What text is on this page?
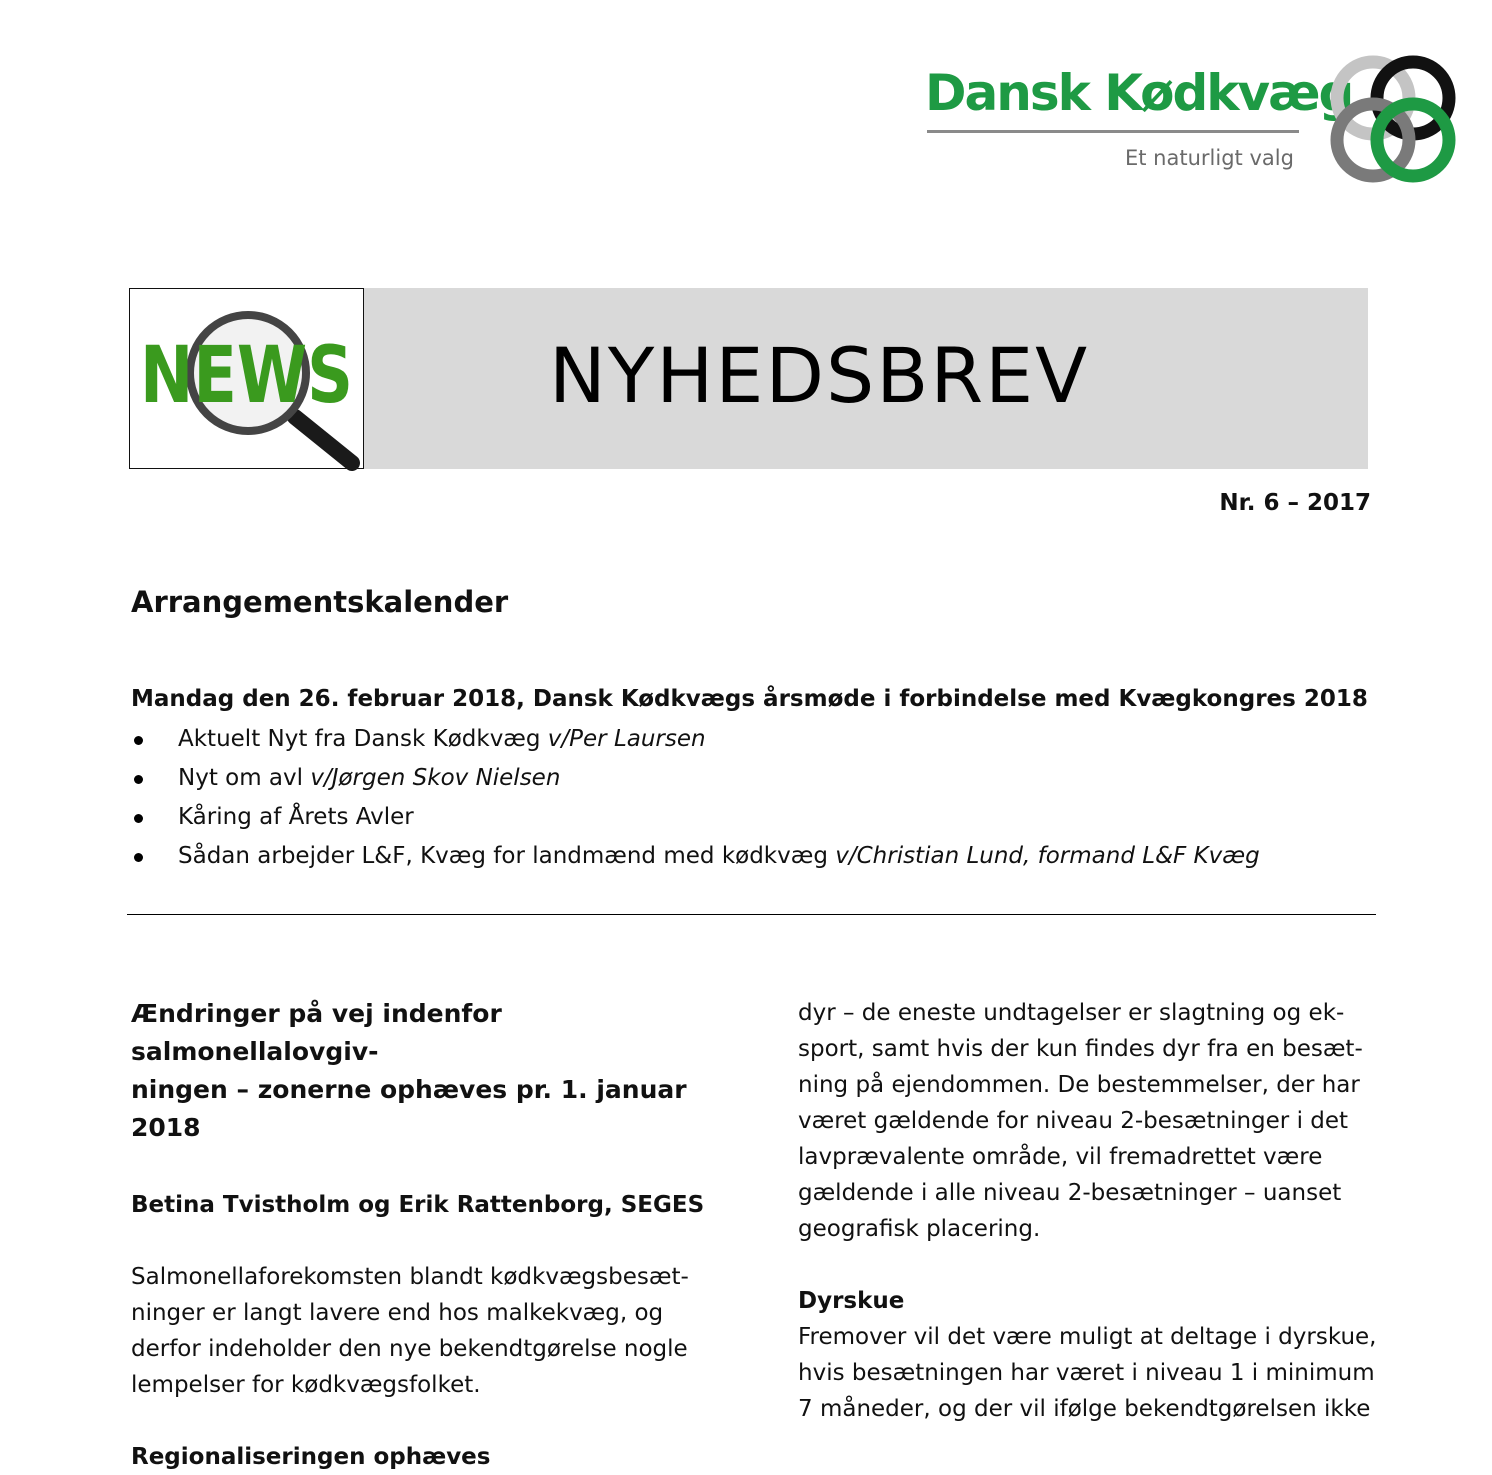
Dansk Kødkvæg
Et naturligt valg
NEWS	NYHEDSBREV
Nr. 6 – 2017
Arrangementskalender
Mandag den 26. februar 2018, Dansk Kødkvægs årsmøde i forbindelse med Kvægkongres 2018
Aktuelt Nyt fra Dansk Kødkvæg v/Per Laursen
Nyt om avl v/Jørgen Skov Nielsen
Kåring af Årets Avler
Sådan arbejder L&F, Kvæg for landmænd med kødkvæg v/Christian Lund, formand L&F Kvæg
Ændringer på vej indenfor salmonellalovgiv-
ningen – zonerne ophæves pr. 1. januar
2018
Betina Tvistholm og Erik Rattenborg, SEGES
Salmonellaforekomsten blandt kødkvægsbesæt-
ninger er langt lavere end hos malkekvæg, og
derfor indeholder den nye bekendtgørelse nogle
lempelser for kødkvægsfolket.
Regionaliseringen ophæves
dyr – de eneste undtagelser er slagtning og ek-
sport, samt hvis der kun findes dyr fra en besæt-
ning på ejendommen. De bestemmelser, der har
været gældende for niveau 2-besætninger i det
lavprævalente område, vil fremadrettet være
gældende i alle niveau 2-besætninger – uanset
geografisk placering.
Dyrskue
Fremover vil det være muligt at deltage i dyrskue,
hvis besætningen har været i niveau 1 i minimum
7 måneder, og der vil ifølge bekendtgørelsen ikke
